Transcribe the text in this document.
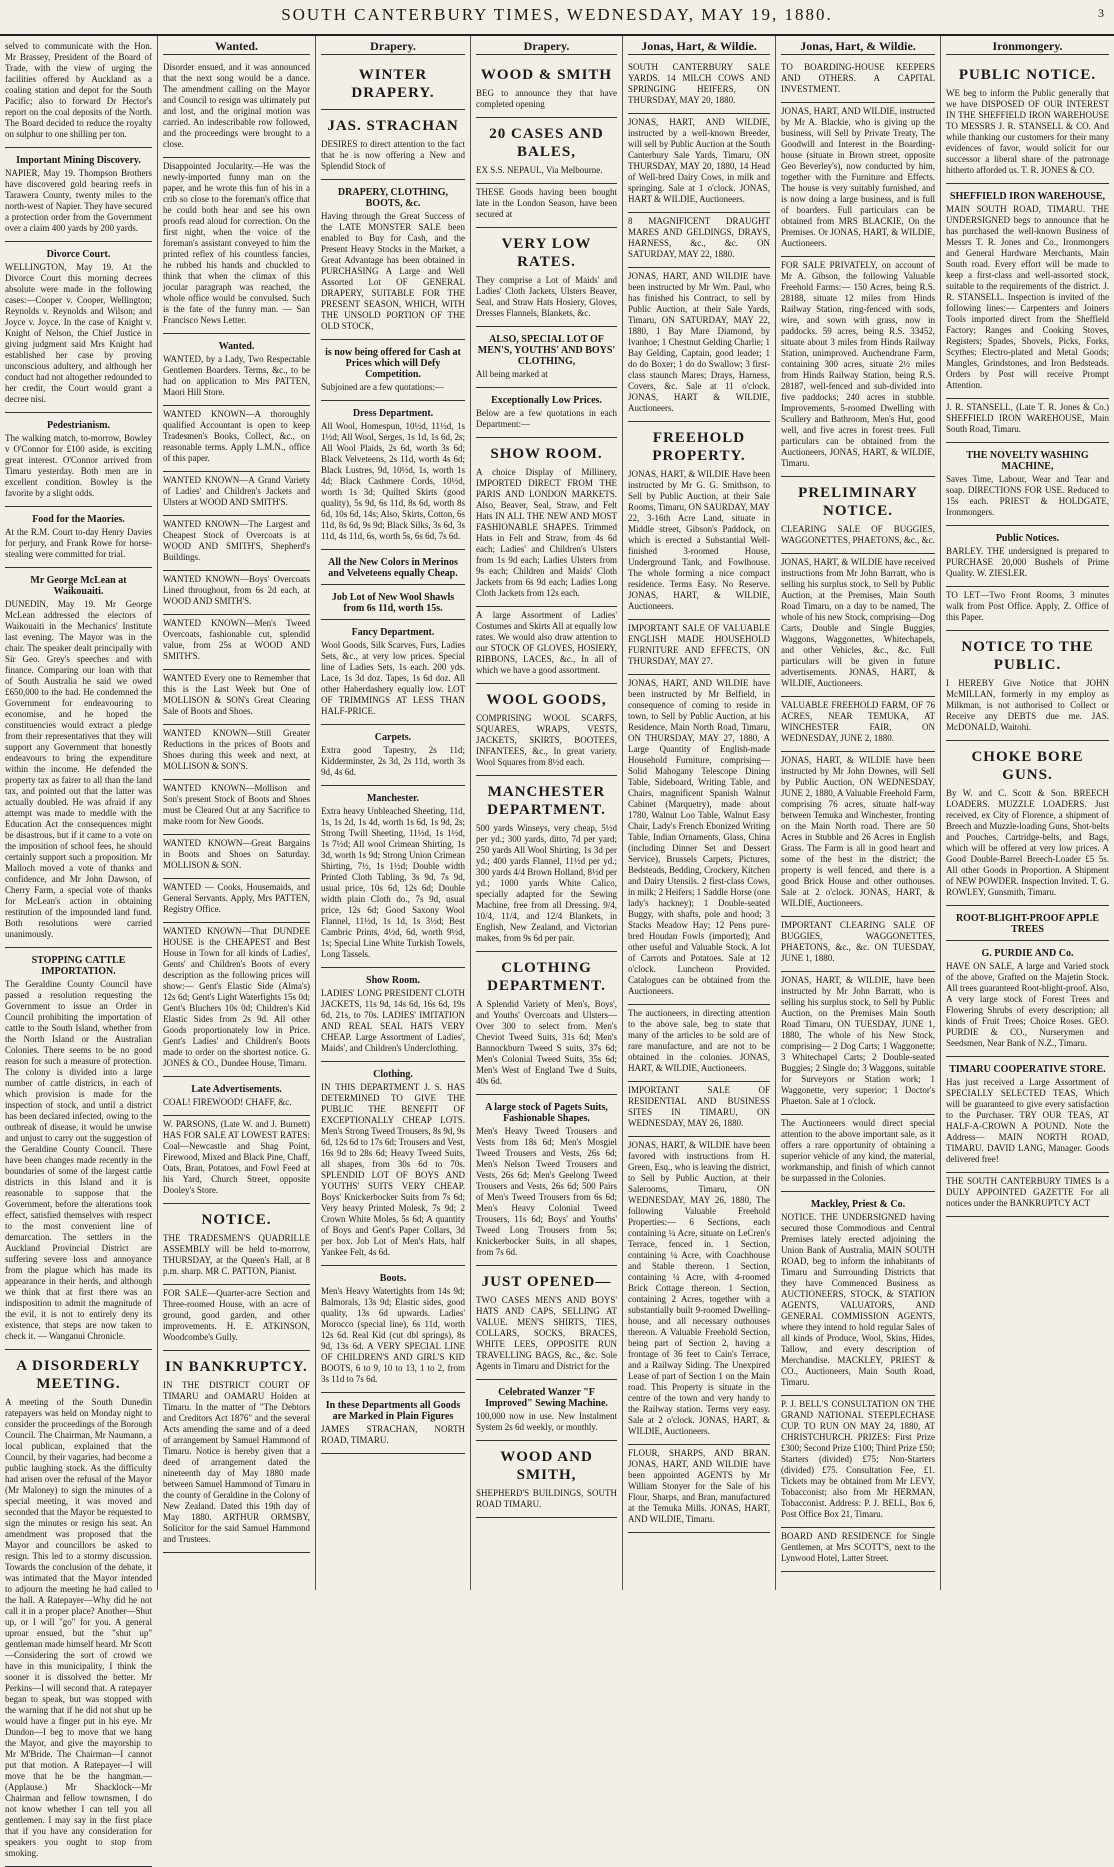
SOUTH CANTERBURY TIMES, WEDNESDAY, MAY 19, 1880.	3

selved to communicate with the Hon. Mr Brassey, President of the Board of Trade, with the view of urging the facilities offered by Auckland as a coaling station and depot for the South Pacific; also to forward Dr Hector's report on the coal deposits of the North. The Board decided to reduce the royalty on sulphur to one shilling per ton.

Important Mining Discovery.

NAPIER, May 19. Thompson Brothers have discovered gold bearing reefs in Tarawera County, twenty miles to the north-west of Napier. They have secured a protection order from the Government over a claim 400 yards by 200 yards.

Divorce Court.

WELLINGTON, May 19. At the Divorce Court this morning decrees absolute were made in the following cases:—Cooper v. Cooper, Wellington; Reynolds v. Reynolds and Wilson; and Joyce v. Joyce. In the case of Knight v. Knight of Nelson, the Chief Justice in giving judgment said Mrs Knight had established her case by proving unconscious adultery, and although her conduct had not altogether redounded to her credit, the Court would grant a decree nisi.

Pedestrianism.

The walking match, to-morrow, Bowley v O'Connor for £100 aside, is exciting great interest. O'Connor arrived from Timaru yesterday. Both men are in excellent condition. Bowley is the favorite by a slight odds.

Food for the Maories.

At the R.M. Court to-day Henry Davies for perjury, and Frank Rowe for horse-stealing were committed for trial.

Mr George McLean at Waikouaiti.

DUNEDIN, May 19. Mr George McLean addressed the electors of Waikouaiti in the Mechanics' Institute last evening. The Mayor was in the chair. The speaker dealt principally with Sir Geo. Grey's speeches and with finance. Comparing our loan with that of South Australia he said we owed £650,000 to the bad. He condemned the Government for endeavouring to economise, and he hoped the constituencies would extract a pledge from their representatives that they will support any Government that honestly endeavours to bring the expenditure within the income. He defended the property tax as fairer to all than the land tax, and pointed out that the latter was actually doubled. He was afraid if any attempt was made to meddle with the Education Act the consequences might be disastrous, but if it came to a vote on the imposition of school fees, he should certainly support such a proposition. Mr Malloch moved a vote of thanks and confidence, and Mr John Dawson, of Cherry Farm, a special vote of thanks for McLean's action in obtaining restitution of the impounded land fund. Both resolutions were carried unanimously.

STOPPING CATTLE IMPORTATION.

The Geraldine County Council have passed a resolution requesting the Government to issue an Order in Council prohibiting the importation of cattle to the South Island, whether from the North Island or the Australian Colonies. There seems to be no good reason for such a measure of protection. The colony is divided into a large number of cattle districts, in each of which provision is made for the inspection of stock, and until a district has been declared infected, owing to the outbreak of disease, it would be unwise and unjust to carry out the suggestion of the Geraldine County Council. There have been changes made recently in the boundaries of some of the largest cattle districts in this Island and it is reasonable to suppose that the Government, before the alterations took effect, satisfied themselves with respect to the most convenient line of demarcation. The settlers in the Auckland Provincial District are suffering severe loss and annoyance from the plague which has made its appearance in their herds, and although we think that at first there was an indisposition to admit the magnitude of the evil, it is not to entirely deny its existence, that steps are now taken to check it. — Wanganui Chronicle.

A DISORDERLY MEETING.

A meeting of the South Dunedin ratepayers was held on Monday night to consider the proceedings of the Borough Council. The Chairman, Mr Naumann, a local publican, explained that the Council, by their vagaries, had become a public laughing stock. As the difficulty had arisen over the refusal of the Mayor (Mr Maloney) to sign the minutes of a special meeting, it was moved and seconded that the Mayor be requested to sign the minutes or resign his seat. An amendment was proposed that the Mayor and councillors be asked to resign. This led to a stormy discussion. Towards the conclusion of the debate, it was intimated that the Mayor intended to adjourn the meeting he had called to the hall. A Ratepayer—Why did he not call it in a proper place? Another—Shut up, or I will "go" for you. A general uproar ensued, but the "shut up" gentleman made himself heard. Mr Scott—Considering the sort of crowd we have in this municipality, I think the sooner it is dissolved the better. Mr Perkins—I will second that. A ratepayer began to speak, but was stopped with the warning that if he did not shut up he would have a finger put in his eye. Mr Dundon—I beg to move that we hang the Mayor, and give the mayorship to Mr M'Bride. The Chairman—I cannot put that motion. A Ratepayer—I will move that he be the hangman.—(Applause.) Mr Shacklock—Mr Chairman and fellow townsmen, I do not know whether I can tell you all gentlemen. I may say in the first place that if you have any consideration for speakers you ought to stop from smoking.

Wanted.

Disorder ensued, and it was announced that the next song would be a dance. The amendment calling on the Mayor and Council to resign was ultimately put and lost, and the original motion was carried. An indescribable row followed, and the proceedings were brought to a close.

Disappointed Jocularity.—He was the newly-imported funny man on the paper, and he wrote this fun of his in a crib so close to the foreman's office that he could both hear and see his own proofs read aloud for correction. On the first night, when the voice of the foreman's assistant conveyed to him the printed reflex of his countless fancies, he rubbed his hands and chuckled to think that when the climax of this jocular paragraph was reached, the whole office would be convulsed. Such is the fate of the funny man. — San Francisco News Letter.

Wanted.

WANTED, by a Lady, Two Respectable Gentlemen Boarders. Terms, &c., to be had on application to Mrs PATTEN, Maori Hill Store.

WANTED KNOWN—A thoroughly qualified Accountant is open to keep Tradesmen's Books, Collect, &c., on reasonable terms. Apply L.M.N., office of this paper.

WANTED KNOWN—A Grand Variety of Ladies' and Children's Jackets and Ulsters at WOOD AND SMITH'S.

WANTED KNOWN—The Largest and Cheapest Stock of Overcoats is at WOOD AND SMITH'S, Shepherd's Buildings.

WANTED KNOWN—Boys' Overcoats Lined throughout, from 6s 2d each, at WOOD AND SMITH'S.

WANTED KNOWN—Men's Tweed Overcoats, fashionable cut, splendid value, from 25s at WOOD AND SMITH'S.

WANTED Every one to Remember that this is the Last Week but One of MOLLISON & SON's Great Clearing Sale of Boots and Shoes.

WANTED KNOWN—Still Greater Reductions in the prices of Boots and Shoes during this week and next, at MOLLISON & SON'S.

WANTED KNOWN—Mollison and Son's present Stock of Boots and Shoes must be Cleared Out at any Sacrifice to make room for New Goods.

WANTED KNOWN—Great Bargains in Boots and Shoes on Saturday. MOLLISON & SON.

WANTED — Cooks, Housemaids, and General Servants. Apply, Mrs PATTEN, Registry Office.

WANTED KNOWN—That DUNDEE HOUSE is the CHEAPEST and Best House in Town for all kinds of Ladies', Gents' and Children's Boots of every description as the following prices will show:— Gent's Elastic Side (Alma's) 12s 6d; Gent's Light Waterfights 15s 0d; Gent's Bluchers 10s 0d; Children's Kid Elastic Sides from 2s 9d. All other Goods proportionately low in Price. Gent's Ladies' and Children's Boots made to order on the shortest notice. G. JONES & CO., Dundee House, Timaru.

Late Advertisements.

COAL! FIREWOOD! CHAFF, &c.

W. PARSONS, (Late W. and J. Burnett) HAS FOR SALE AT LOWEST RATES: Coal—Newcastle and Shag Point, Firewood, Mixed and Black Pine, Chaff, Oats, Bran, Potatoes, and Fowl Feed at his Yard, Church Street, opposite Dooley's Store.

NOTICE.

THE TRADESMEN'S QUADRILLE ASSEMBLY will be held to-morrow, THURSDAY, at the Queen's Hall, at 8 p.m. sharp. MR C. PATTON, Pianist.

FOR SALE—Quarter-acre Section and Three-roomed House, with an acre of ground, good garden, and other improvements. H. E. ATKINSON, Woodcombe's Gully.

IN BANKRUPTCY.

IN THE DISTRICT COURT OF TIMARU and OAMARU Holden at Timaru. In the matter of "The Debtors and Creditors Act 1876" and the several Acts amending the same and of a deed of arrangement by Samuel Hammond of Timaru. Notice is hereby given that a deed of arrangement dated the nineteenth day of May 1880 made between Samuel Hammond of Timaru in the county of Geraldine in the Colony of New Zealand. Dated this 19th day of May 1880. ARTHUR ORMSBY, Solicitor for the said Samuel Hammond and Trustees.

Drapery.
WINTER DRAPERY.
JAS. STRACHAN

DESIRES to direct attention to the fact that he is now offering a New and Splendid Stock of

DRAPERY, CLOTHING, BOOTS, &c.

Having through the Great Success of the LATE MONSTER SALE been enabled to Buy for Cash, and the Present Heavy Stocks in the Market, a Great Advantage has been obtained in PURCHASING A Large and Well Assorted Lot OF GENERAL DRAPERY, SUITABLE FOR THE PRESENT SEASON, WHICH, WITH THE UNSOLD PORTION OF THE OLD STOCK,

is now being offered for Cash at Prices which will Defy Competition.

Subjoined are a few quotations:—

Dress Department.

All Wool, Homespun, 10½d, 11½d, 1s 1½d; All Wool, Serges, 1s 1d, 1s 6d, 2s; All Wool Plaids, 2s 6d, worth 3s 6d; Black Velveteens, 2s 11d, worth 4s 6d; Black Lustres, 9d, 10½d, 1s, worth 1s 4d; Black Cashmere Cords, 10½d, worth 1s 3d; Quilted Skirts (good quality), 5s 9d, 6s 11d, 8s 6d, worth 8s 6d, 10s 6d, 14s; Also, Skirts, Cotton, 6s 11d, 8s 6d, 9s 9d; Black Silks, 3s 6d, 3s 11d, 4s 11d, 6s, worth 5s, 6s 6d, 7s 6d.

All the New Colors in Merinos and Velveteens equally Cheap.
Job Lot of New Wool Shawls from 6s 11d, worth 15s.
Fancy Department.

Wool Goods, Silk Scarves, Furs, Ladies Sets, &c., at very low prices. Special line of Ladies Sets, 1s each. 200 yds. Lace, 1s 3d doz. Tapes, 1s 6d doz. All other Haberdashery equally low. LOT OF TRIMMINGS AT LESS THAN HALF-PRICE.

Carpets.

Extra good Tapestry, 2s 11d; Kidderminster, 2s 3d, 2s 11d, worth 3s 9d, 4s 6d.

Manchester.

Extra heavy Unbleached Sheeting, 11d, 1s, 1s 2d, 1s 4d, worth 1s 6d, 1s 9d, 2s; Strong Twill Sheeting, 11½d, 1s 1½d, 1s 7½d; All wool Crimean Shirting, 1s 3d, worth 1s 9d; Strong Union Crimean Shirting, 7½, 1s 1½d; Double width Printed Cloth Tabling, 3s 9d, 7s 9d, usual price, 10s 6d, 12s 6d; Double width plain Cloth do., 7s 9d, usual price, 12s 6d; Good Saxony Wool Flannel, 11½d, 1s 1d, 1s 3½d; Best Cambric Prints, 4½d, 6d, worth 9½d, 1s; Special Line White Turkish Towels, Long Tassels.

Show Room.

LADIES' LONG PRESIDENT CLOTH JACKETS, 11s 9d, 14s 6d, 16s 6d, 19s 6d, 21s, to 70s. LADIES' IMITATION AND REAL SEAL HATS VERY CHEAP. Large Assortment of Ladies', Maids', and Children's Underclothing.

Clothing.

IN THIS DEPARTMENT J. S. HAS DETERMINED TO GIVE THE PUBLIC THE BENEFIT OF EXCEPTIONALLY CHEAP LOTS. Men's Strong Tweed Trousers, 8s 9d, 9s 6d, 12s 6d to 17s 6d; Trousers and Vest, 16s 9d to 28s 6d; Heavy Tweed Suits, all shapes, from 30s 6d to 70s. SPLENDID LOT OF BOYS AND YOUTHS' SUITS VERY CHEAP. Boys' Knickerbocker Suits from 7s 6d; Very heavy Printed Molesk, 7s 9d; 2 Crown White Moles, 5s 6d; A quantity of Boys and Gent's Paper Collars, 3d per box. Job Lot of Men's Hats, half Yankee Felt, 4s 6d.

Boots.

Men's Heavy Watertights from 14s 9d; Balmorals, 13s 9d; Elastic sides, good quality, 13s 6d upwards. Ladies' Morocco (special line), 6s 11d, worth 12s 6d. Real Kid (cut dbl springs), 8s 9d, 13s 6d. A VERY SPECIAL LINE OF CHILDREN'S AND GIRL'S KID BOOTS, 6 to 9, 10 to 13, 1 to 2, from 3s 11d to 7s 6d.

In these Departments all Goods are Marked in Plain Figures

JAMES STRACHAN, NORTH ROAD, TIMARU.

Drapery.
WOOD & SMITH

BEG to announce they that have completed opening

20 CASES AND BALES,

EX S.S. NEPAUL, Via Melbourne.

THESE Goods having been bought late in the London Season, have been secured at

VERY LOW RATES.

They comprise a Lot of Maids' and Ladies' Cloth Jackets, Ulsters Beaver, Seal, and Straw Hats Hosiery, Gloves, Dresses Flannels, Blankets, &c.

ALSO, SPECIAL LOT OF MEN'S, YOUTHS' AND BOYS' CLOTHING,

All being marked at

Exceptionally Low Prices.

Below are a few quotations in each Department:—

SHOW ROOM.

A choice Display of Millinery, IMPORTED DIRECT FROM THE PARIS AND LONDON MARKETS. Also, Beaver, Seal, Straw, and Felt Hats IN ALL THE NEW AND MOST FASHIONABLE SHAPES. Trimmed Hats in Felt and Straw, from 4s 6d each; Ladies' and Children's Ulsters from 1s 9d each; Ladies Ulsters from 9s each; Children and Maids' Cloth Jackets from 6s 9d each; Ladies Long Cloth Jackets from 12s each.

A large Assortment of Ladies' Costumes and Skirts All at equally low rates. We would also draw attention to our STOCK OF GLOVES, HOSIERY, RIBBONS, LACES, &c., In all of which we have a good assortment.

WOOL GOODS,

COMPRISING WOOL SCARFS, SQUARES, WRAPS, VESTS, JACKETS, SKIRTS, BOOTEES, INFANTEES, &c., In great variety. Wool Squares from 8½d each.

MANCHESTER DEPARTMENT.

500 yards Winseys, very cheap, 5½d per yd.; 300 yards, ditto, 7d per yard; 250 yards All Wool Shirting, 1s 3d per yd.; 400 yards Flannel, 11½d per yd.; 300 yards 4/4 Brown Holland, 8½d per yd.; 1000 yards White Calico, specially adapted for the Sewing Machine, free from all Dressing. 9/4, 10/4, 11/4, and 12/4 Blankets, in English, New Zealand, and Victorian makes, from 9s 6d per pair.

CLOTHING DEPARTMENT.

A Splendid Variety of Men's, Boys', and Youths' Overcoats and Ulsters—Over 300 to select from. Men's Cheviot Tweed Suits, 31s 6d; Men's Bannockburn Tweed S suits, 37s 6d; Men's Colonial Tweed Suits, 35s 6d; Men's West of England Twe d Suits, 40s 6d.

A large stock of Pagets Suits, Fashionable Shapes.

Men's Heavy Tweed Trousers and Vests from 18s 6d; Men's Mosgiel Tweed Trousers and Vests, 26s 6d; Men's Nelson Tweed Trousers and Vests, 26s 6d; Men's Geelong Tweed Trousers and Vests, 26s 6d; 500 Pairs of Men's Tweed Trousers from 6s 6d; Men's Heavy Colonial Tweed Trousers, 11s 6d; Boys' and Youths' Tweed Long Trousers from 5s; Knickerbocker Suits, in all shapes, from 7s 6d.

JUST OPENED—

TWO CASES MEN'S AND BOYS' HATS AND CAPS, SELLING AT VALUE. MEN'S SHIRTS, TIES, COLLARS, SOCKS, BRACES, WHITE LEES, OPPOSITE RUN TRAVELLING BAGS, &c., &c. Sole Agents in Timaru and District for the

Celebrated Wanzer "F Improved" Sewing Machine.

100,000 now in use. New Instalment System 2s 6d weekly, or monthly.

WOOD AND SMITH,

SHEPHERD'S BUILDINGS, SOUTH ROAD TIMARU.

Jonas, Hart, & Wildie.

SOUTH CANTERBURY SALE YARDS. 14 MILCH COWS AND SPRINGING HEIFERS, ON THURSDAY, MAY 20, 1880.

JONAS, HART, AND WILDIE, instructed by a well-known Breeder, will sell by Public Auction at the South Canterbury Sale Yards, Timaru, ON THURSDAY, MAY 20, 1880, 14 Head of Well-bred Dairy Cows, in milk and springing. Sale at 1 o'clock. JONAS, HART & WILDIE, Auctioneers.

8 MAGNIFICENT DRAUGHT MARES AND GELDINGS, DRAYS, HARNESS, &c., &c. ON SATURDAY, MAY 22, 1880.

JONAS, HART, AND WILDIE have been instructed by Mr Wm. Paul, who has finished his Contract, to sell by Public Auction, at their Sale Yards, Timaru, ON SATURDAY, MAY 22, 1880, 1 Bay Mare Diamond, by Ivanhoe; 1 Chestnut Gelding Charlie; 1 Bay Gelding, Captain, good leader; 1 do do Boxer; 1 do do Swallow; 3 first-class staunch Mares; Drays, Harness, Covers, &c. Sale at 11 o'clock. JONAS, HART & WILDIE, Auctioneers.

FREEHOLD PROPERTY.

JONAS, HART, & WILDIE Have been instructed by Mr G. G. Smithson, to Sell by Public Auction, at their Sale Rooms, Timaru, ON SAURDAY, MAY 22, 3-16th Acre Land, situate in Middle street, Gibson's Paddock, on which is erected a Substantial Well-finished 3-roomed House, Underground Tank, and Fowlhouse. The whole forming a nice compact residence. Terms Easy. No Reserve. JONAS, HART, & WILDIE, Auctioneers.

IMPORTANT SALE OF VALUABLE ENGLISH MADE HOUSEHOLD FURNITURE AND EFFECTS, ON THURSDAY, MAY 27.

JONAS, HART, AND WILDIE have been instructed by Mr Belfield, in consequence of coming to reside in town, to Sell by Public Auction, at his Residence, Main North Road, Timaru, ON THURSDAY, MAY 27, 1880, A Large Quantity of English-made Household Furniture, comprising—Solid Mahogany Telescope Dining Table, Sideboard, Writing Table, and Chairs, magnificent Spanish Walnut Cabinet (Marquetry), made about 1780, Walnut Loo Table, Walnut Easy Chair, Lady's French Ebonized Writing Table, Indian Ornaments, Glass, China (including Dinner Set and Dessert Service), Brussels Carpets, Pictures, Bedsteads, Bedding, Crockery, Kitchen and Dairy Utensils. 2 first-class Cows, in milk; 2 Heifers; 1 Saddle Horse (one lady's hackney); 1 Double-seated Buggy, with shafts, pole and hood; 3 Stacks Meadow Hay; 12 Pens pure-bred Houdan Fowls (imported); And other useful and Valuable Stock. A lot of Carrots and Potatoes. Sale at 12 o'clock. Luncheon Provided. Catalogues can be obtained from the Auctioneers.

The auctioneers, in directing attention to the above sale, beg to state that many of the articles to be sold are of rare manufacture, and are not to be obtained in the colonies. JONAS, HART, & WILDIE, Auctioneers.

IMPORTANT SALE OF RESIDENTIAL AND BUSINESS SITES IN TIMARU, ON WEDNESDAY, MAY 26, 1880.

JONAS, HART, & WILDIE have been favored with instructions from H. Green, Esq., who is leaving the district, to Sell by Public Auction, at their Salerooms, Timaru, ON WEDNESDAY, MAY 26, 1880, The following Valuable Freehold Properties:— 6 Sections, each containing ¼ Acre, situate on LeCren's Terrace, fenced in. 1 Section, containing ¼ Acre, with Coachhouse and Stable thereon. 1 Section, containing ¼ Acre, with 4-roomed Brick Cottage thereon. 1 Section, containing 2 Acres, together with a substantially built 9-roomed Dwelling-house, and all necessary outhouses thereon. A Valuable Freehold Section, being part of Section 2, having a frontage of 36 feet to Cain's Terrace, and a Railway Siding. The Unexpired Lease of part of Section 1 on the Main road. This Property is situate in the centre of the town and very handy to the Railway station. Terms very easy. Sale at 2 o'clock. JONAS, HART, & WILDIE, Auctioneers.

FLOUR, SHARPS, AND BRAN. JONAS, HART, AND WILDIE have been appointed AGENTS by Mr William Stonyer for the Sale of his Flour, Sharps, and Bran, manufactured at the Temuka Mills. JONAS, HART, AND WILDIE, Timaru.

Jonas, Hart, & Wildie.

TO BOARDING-HOUSE KEEPERS AND OTHERS. A CAPITAL INVESTMENT.

JONAS, HART, AND WILDIE, instructed by Mr A. Blackie, who is giving up the business, will Sell by Private Treaty, The Goodwill and Interest in the Boarding-house (situate in Brown street, opposite Geo Beverley's), now conducted by him, together with the Furniture and Effects. The house is very suitably furnished, and is now doing a large business, and is full of boarders. Full particulars can be obtained from MRS BLACKIE, On the Premises. Or JONAS, HART, & WILDIE, Auctioneers.

FOR SALE PRIVATELY, on account of Mr A. Gibson, the following Valuable Freehold Farms:— 150 Acres, being R.S. 28188, situate 12 miles from Hinds Railway Station, ring-fenced with sods, wire, and sown with grass, now in paddocks. 59 acres, being R.S. 33452, situate about 3 miles from Hinds Railway Station, unimproved. Auchendrane Farm, containing 300 acres, situate 2½ miles from Hinds Railway Station, being R.S. 28187, well-fenced and sub-divided into five paddocks; 240 acres in stubble. Improvements, 5-roomed Dwelling with Scullery and Bathroom, Men's Hut, good well, and five acres in forest trees. Full particulars can be obtained from the Auctioneers, JONAS, HART, & WILDIE, Timaru.

PRELIMINARY NOTICE.

CLEARING SALE OF BUGGIES, WAGGONETTES, PHAETONS, &c., &c.

JONAS, HART, & WILDIE have received instructions from Mr John Barratt, who is selling his surplus stock, to Sell by Public Auction, at the Premises, Main South Road Timaru, on a day to be named, The whole of his new Stock, comprising—Dog Carts, Double and Single Buggies, Waggons, Waggonettes, Whitechapels, and other Vehicles, &c., &c. Full particulars will be given in future advertisements. JONAS, HART, & WILDIE, Auctioneers.

VALUABLE FREEHOLD FARM, OF 76 ACRES, NEAR TEMUKA, AT WINCHESTER FAIR, ON WEDNESDAY, JUNE 2, 1880.

JONAS, HART, & WILDIE have been instructed by Mr John Downes, will Sell by Public Auction, ON WEDNESDAY, JUNE 2, 1880, A Valuable Freehold Farm, comprising 76 acres, situate half-way between Temuka and Winchester, fronting on the Main North road. There are 50 Acres in Stubble and 26 Acres in English Grass. The Farm is all in good heart and some of the best in the district; the property is well fenced, and there is a good Brick House and other outhouses. Sale at 2 o'clock. JONAS, HART, & WILDIE, Auctioneers.

IMPORTANT CLEARING SALE OF BUGGIES, WAGGONETTES, PHAETONS, &c., &c. ON TUESDAY, JUNE 1, 1880.

JONAS, HART, & WILDIE, have been instructed by Mr John Barratt, who is selling his surplus stock, to Sell by Public Auction, on the Premises Main South Road Timaru, ON TUESDAY, JUNE 1, 1880, The whole of his New Stock, comprising— 2 Dog Carts; 1 Waggonette; 3 Whitechapel Carts; 2 Double-seated Buggies; 2 Single do; 3 Waggons, suitable for Surveyors or Station work; 1 Waggonette, very superior; 1 Doctor's Phaeton. Sale at 1 o'clock.

The Auctioneers would direct special attention to the above important sale, as it offers a rare opportunity of obtaining a superior vehicle of any kind, the material, workmanship, and finish of which cannot be surpassed in the Colonies.

Mackley, Priest & Co.

NOTICE. THE UNDERSIGNED having secured those Commodious and Central Premises lately erected adjoining the Union Bank of Australia, MAIN SOUTH ROAD, beg to inform the inhabitants of Timaru and Surrounding Districts that they have Commenced Business as AUCTIONEERS, STOCK, & STATION AGENTS, VALUATORS, AND GENERAL COMMISSION AGENTS, where they intend to hold regular Sales of all kinds of Produce, Wool, Skins, Hides, Tallow, and every description of Merchandise. MACKLEY, PRIEST & CO., Auctioneers, Main South Road, Timaru.

P. J. BELL'S CONSULTATION ON THE GRAND NATIONAL STEEPLECHASE CUP. TO RUN ON MAY 24, 1880, AT CHRISTCHURCH. PRIZES: First Prize £300; Second Prize £100; Third Prize £50; Starters (divided) £75; Non-Starters (divided) £75. Consultation Fee, £1. Tickets may be obtained from Mr LEVY, Tobacconist; also from Mr HERMAN, Tobacconist. Address: P. J. BELL, Box 6, Post Office Box 21, Timaru.

BOARD AND RESIDENCE for Single Gentlemen, at Mrs SCOTT'S, next to the Lynwood Hotel, Latter Street.

Ironmongery.
PUBLIC NOTICE.

WE beg to inform the Public generally that we have DISPOSED OF OUR INTEREST IN THE SHEFFIELD IRON WAREHOUSE TO MESSRS J. R. STANSELL & CO. And while thanking our customers for their many evidences of favor, would solicit for our successor a liberal share of the patronage hitherto afforded us. T. R. JONES & CO.

SHEFFIELD IRON WAREHOUSE,

MAIN SOUTH ROAD, TIMARU. THE UNDERSIGNED begs to announce that he has purchased the well-known Business of Messrs T. R. Jones and Co., Ironmongers and General Hardware Merchants, Main South road. Every effort will be made to keep a first-class and well-assorted stock, suitable to the requirements of the district. J. R. STANSELL. Inspection is invited of the following lines:— Carpenters and Joiners Tools imported direct from the Sheffield Factory; Ranges and Cooking Stoves, Registers; Spades, Shovels, Picks, Forks, Scythes; Electro-plated and Metal Goods; Mangles, Grindstones, and Iron Bedsteads. Orders by Post will receive Prompt Attention.

J. R. STANSELL, (Late T. R. Jones & Co.) SHEFFIELD IRON WAREHOUSE, Main South Road, Timaru.

THE NOVELTY WASHING MACHINE,

Saves Time, Labour, Wear and Tear and soap. DIRECTIONS FOR USE. Reduced to 15s each. PRIEST & HOLDGATE, Ironmongers.

Public Notices.

BARLEY. THE undersigned is prepared to PURCHASE 20,000 Bushels of Prime Quality. W. ZIESLER.

TO LET—Two Front Rooms, 3 minutes walk from Post Office. Apply, Z. Office of this Paper.

NOTICE TO THE PUBLIC.

I HEREBY Give Notice that JOHN McMILLAN, formerly in my employ as Milkman, is not authorised to Collect or Receive any DEBTS due me. JAS. McDONALD, Waitohi.

CHOKE BORE GUNS.

By W. and C. Scott & Son. BREECH LOADERS. MUZZLE LOADERS. Just received, ex City of Florence, a shipment of Breech and Muzzle-loading Guns, Shot-belts and Pouches, Cartridge-belts, and Bags, which will be offered at very low prices. A Good Double-Barrel Breech-Loader £5 5s. All other Goods in Proportion. A Shipment of NEW POWDER. Inspection Invited. T. G. ROWLEY, Gunsmith, Timaru.

ROOT-BLIGHT-PROOF APPLE TREES
G. PURDIE AND Co.

HAVE ON SALE, A large and Varied stock of the above, Grafted on the Majetin Stock. All trees guaranteed Root-blight-proof. Also, A very large stock of Forest Trees and Flowering Shrubs of every description; all kinds of Fruit Trees; Choice Roses. GEO. PURDIE & CO., Nurserymen and Seedsmen, Near Bank of N.Z., Timaru.

TIMARU COOPERATIVE STORE.

Has just received a Large Assortment of SPECIALLY SELECTED TEAS, Which will be guaranteed to give every satisfaction to the Purchaser. TRY OUR TEAS, AT HALF-A-CROWN A POUND. Note the Address— MAIN NORTH ROAD, TIMARU. DAVID LANG, Manager. Goods delivered free!

THE SOUTH CANTERBURY TIMES Is a DULY APPOINTED GAZETTE For all notices under the BANKRUPTCY ACT
